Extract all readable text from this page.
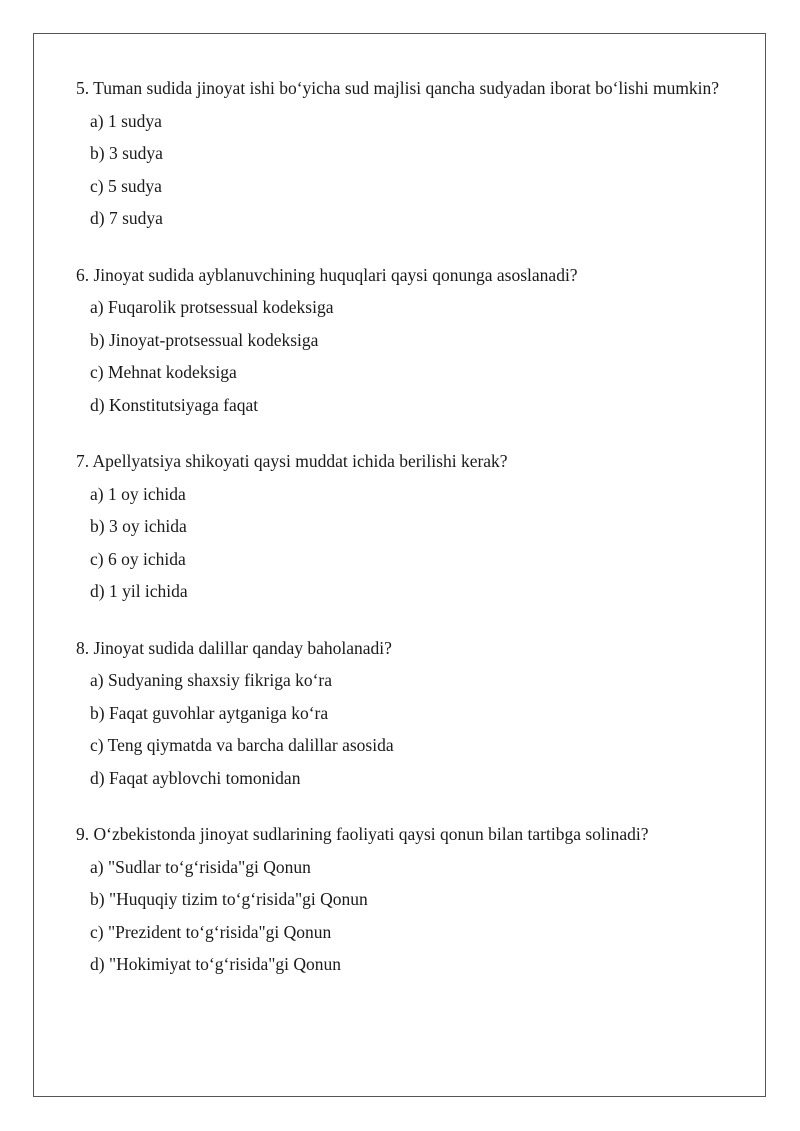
5. Tuman sudida jinoyat ishi bo‘yicha sud majlisi qancha sudyadan iborat bo‘lishi mumkin?

a) 1 sudya
b) 3 sudya
c) 5 sudya
d) 7 sudya

6. Jinoyat sudida ayblanuvchining huquqlari qaysi qonunga asoslanadi?

a) Fuqarolik protsessual kodeksiga
b) Jinoyat-protsessual kodeksiga
c) Mehnat kodeksiga
d) Konstitutsiyaga faqat

7. Apellyatsiya shikoyati qaysi muddat ichida berilishi kerak?

a) 1 oy ichida
b) 3 oy ichida
c) 6 oy ichida
d) 1 yil ichida

8. Jinoyat sudida dalillar qanday baholanadi?

a) Sudyaning shaxsiy fikriga ko‘ra
b) Faqat guvohlar aytganiga ko‘ra
c) Teng qiymatda va barcha dalillar asosida
d) Faqat ayblovchi tomonidan

9. O‘zbekistonda jinoyat sudlarining faoliyati qaysi qonun bilan tartibga solinadi?

a) "Sudlar to‘g‘risida"gi Qonun
b) "Huquqiy tizim to‘g‘risida"gi Qonun
c) "Prezident to‘g‘risida"gi Qonun
d) "Hokimiyat to‘g‘risida"gi Qonun
